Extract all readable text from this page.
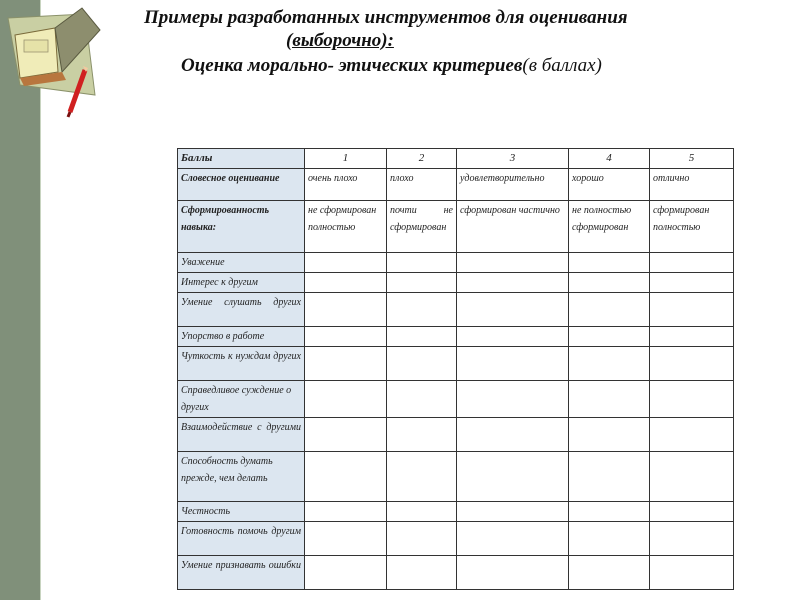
Примеры разработанных инструментов для оценивания
(выборочно):
Оценка морально- этических критериев(в баллах)
Баллы	1	2	3	4	5
Словесное оценивание	очень плохо	плохо	удовлетворительно	хорошо	отлично
Сформированность навыка:	не сформирован полностью	почти не сформирован	сформирован частично	не полностью сформирован	сформирован полностью
Уважение					
Интерес к другим					
Умение слушать других					
Упорство в работе					
Чуткость к нуждам других					
Справедливое суждение о других					
Взаимодействие с другими					
Способность думать прежде, чем делать					
Честность					
Готовность помочь другим					
Умение признавать ошибки					
